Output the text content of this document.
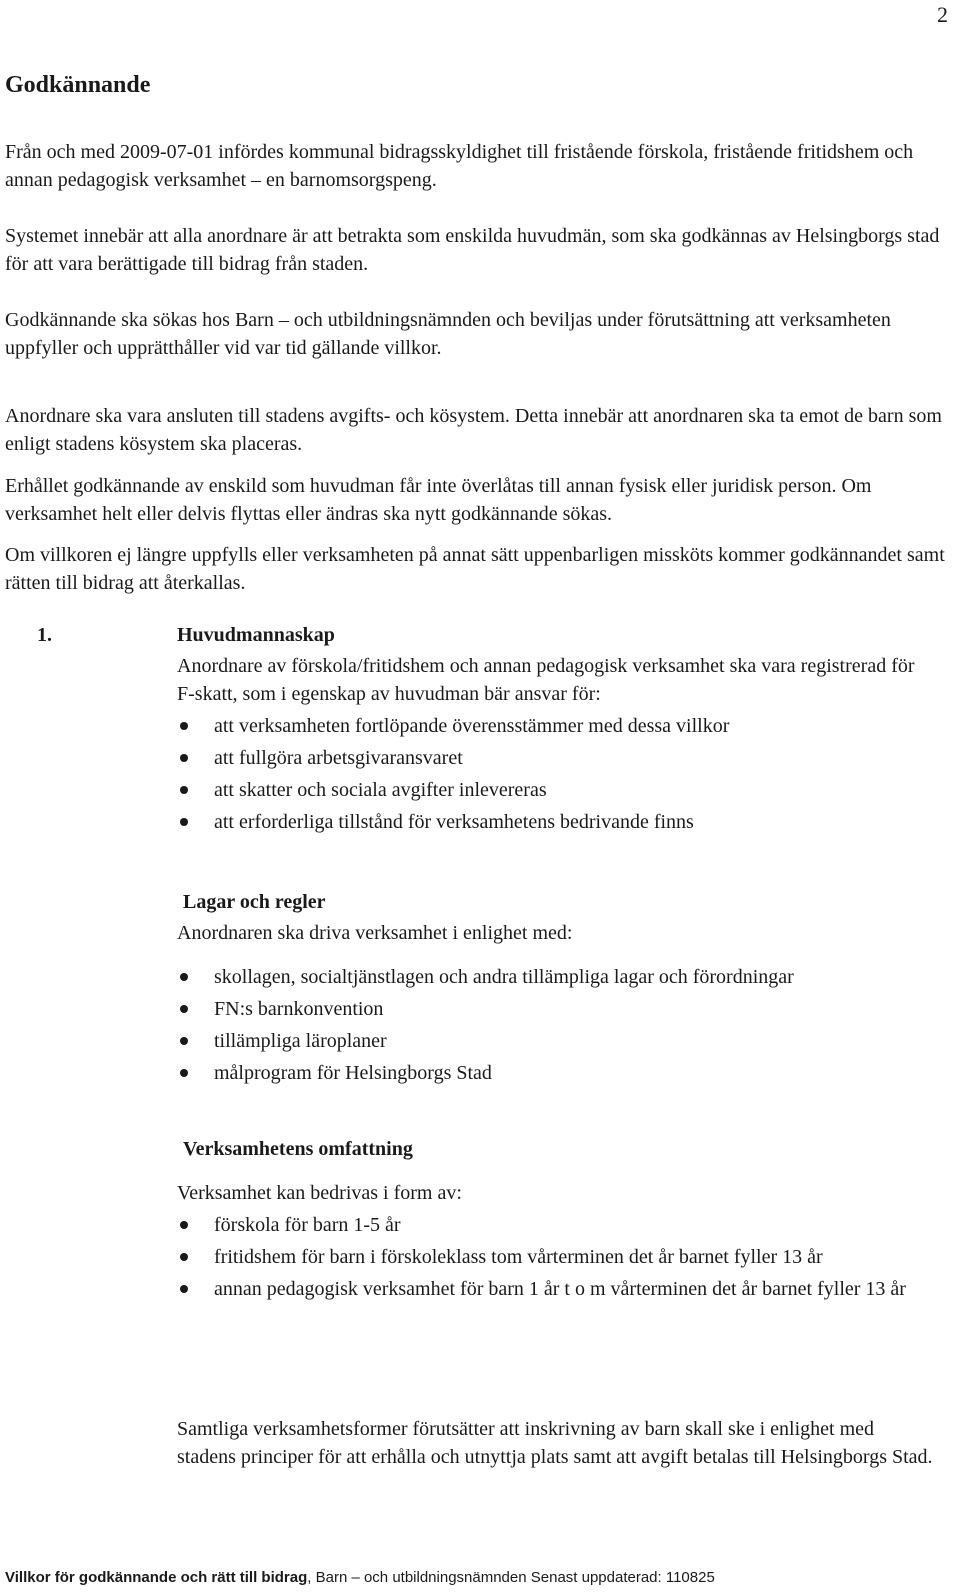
2
Godkännande

Från och med 2009-07-01 infördes kommunal bidragsskyldighet till fristående förskola, fristående fritidshem och annan pedagogisk verksamhet – en barnomsorgspeng.

Systemet innebär att alla anordnare är att betrakta som enskilda huvudmän, som ska godkännas av Helsingborgs stad för att vara berättigade till bidrag från staden.

Godkännande ska sökas hos Barn – och utbildningsnämnden och beviljas under förutsättning att verksamheten uppfyller och upprätthåller vid var tid gällande villkor.

Anordnare ska vara ansluten till stadens avgifts- och kösystem. Detta innebär att anordnaren ska ta emot de barn som enligt stadens kösystem ska placeras.

Erhållet godkännande av enskild som huvudman får inte överlåtas till annan fysisk eller juridisk person. Om verksamhet helt eller delvis flyttas eller ändras ska nytt godkännande sökas.

Om villkoren ej längre uppfylls eller verksamheten på annat sätt uppenbarligen missköts kommer godkännandet samt rätten till bidrag att återkallas.

1.	Huvudmannaskap

Anordnare av förskola/fritidshem och annan pedagogisk verksamhet ska vara registrerad för F-skatt, som i egenskap av huvudman bär ansvar för:

att verksamheten fortlöpande överensstämmer med dessa villkor
att fullgöra arbetsgivaransvaret
att skatter och sociala avgifter inlevereras
att erforderliga tillstånd för verksamhetens bedrivande finns
Lagar och regler

Anordnaren ska driva verksamhet i enlighet med:

skollagen, socialtjänstlagen och andra tillämpliga lagar och förordningar
FN:s barnkonvention
tillämpliga läroplaner
målprogram för Helsingborgs Stad
Verksamhetens omfattning

Verksamhet kan bedrivas i form av:

förskola för barn 1-5 år
fritidshem för barn i förskoleklass tom vårterminen det år barnet fyller 13 år
annan pedagogisk verksamhet för barn 1 år t o m vårterminen det år barnet fyller 13 år

Samtliga verksamhetsformer förutsätter att inskrivning av barn skall ske i enlighet med stadens principer för att erhålla och utnyttja plats samt att avgift betalas till Helsingborgs Stad.

Villkor för godkännande och rätt till bidrag, Barn – och utbildningsnämnden Senast uppdaterad: 110825
